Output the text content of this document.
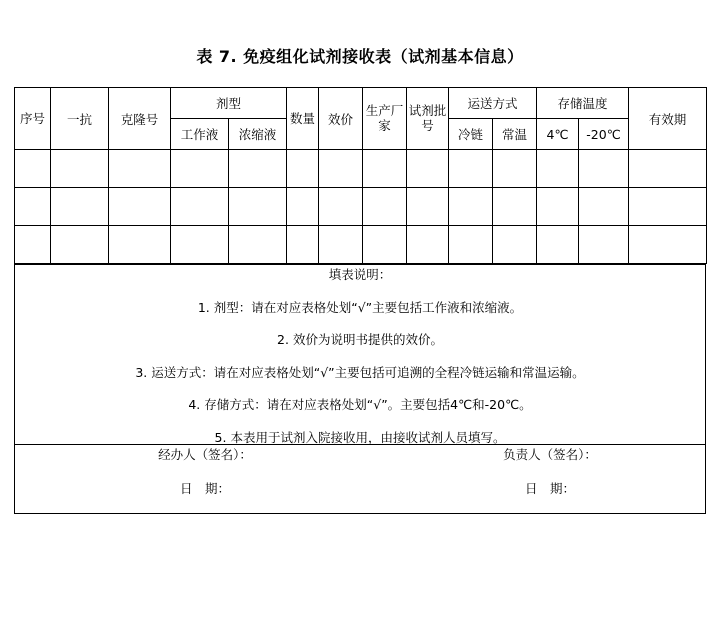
表 7. 免疫组化试剂接收表（试剂基本信息）
序号	一抗	克隆号	剂型		数量	效价	生产厂家	试剂批号	运送方式		存储温度		有效期
			工作液	浓缩液					冷链	常温	4℃	-20℃	

填表说明：

1. 剂型：请在对应表格处划“√”主要包括工作液和浓缩液。

2. 效价为说明书提供的效价。

3. 运送方式：请在对应表格处划“√”主要包括可追溯的全程冷链运输和常温运输。

4. 存储方式：请在对应表格处划“√”。主要包括4℃和-20℃。

5. 本表用于试剂入院接收用，由接收试剂人员填写。

经办人（签名）：	负责人（签名）：
日　期：	日　期：
